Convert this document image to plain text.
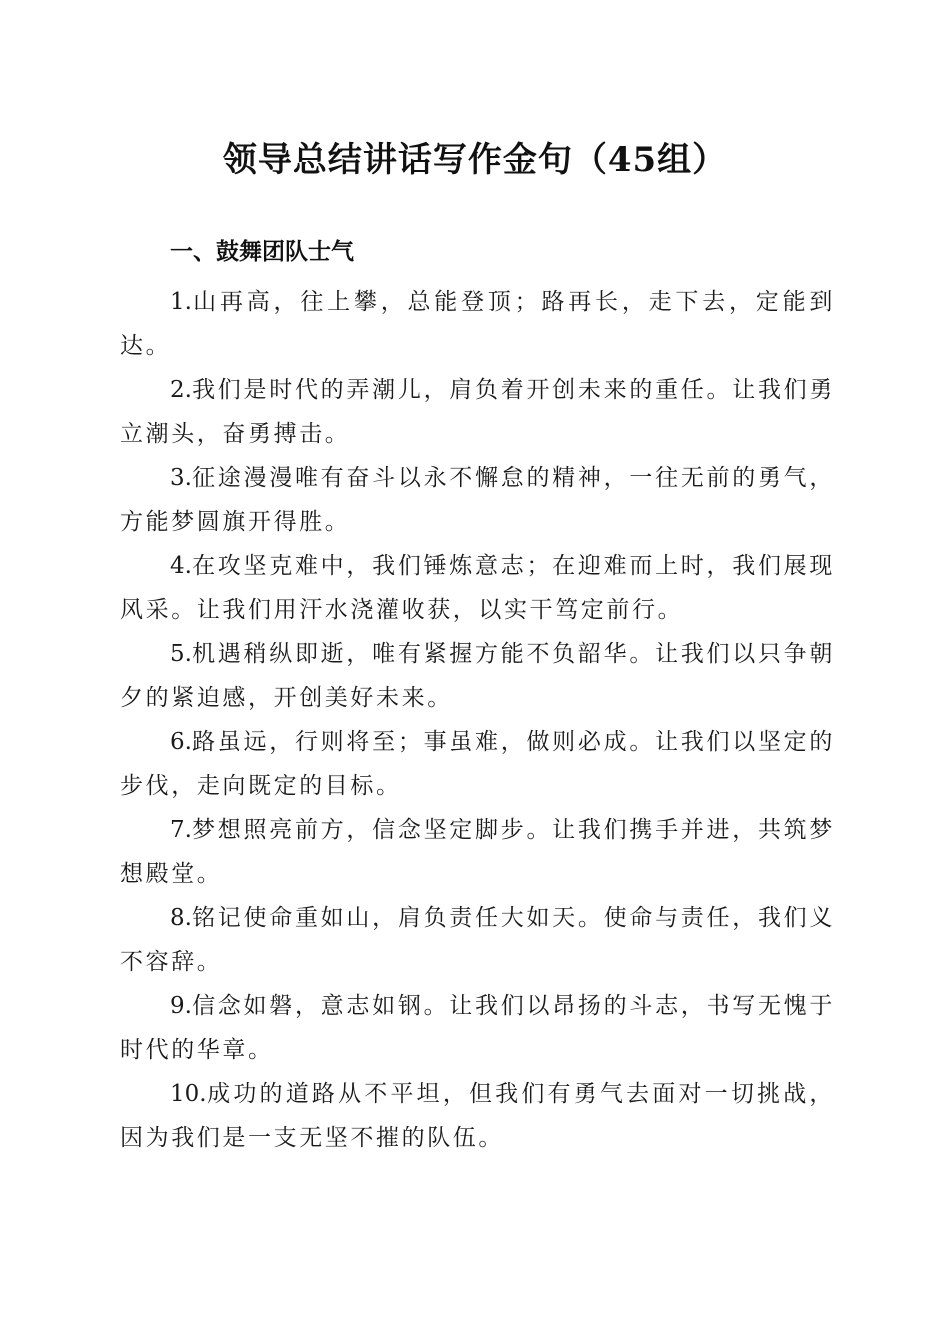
领导总结讲话写作金句（45组）
一、鼓舞团队士气
1.山再高，往上攀，总能登顶；路再长，走下去，定能到达。
2.我们是时代的弄潮儿，肩负着开创未来的重任。让我们勇立潮头，奋勇搏击。
3.征途漫漫唯有奋斗以永不懈怠的精神，一往无前的勇气，方能梦圆旗开得胜。
4.在攻坚克难中，我们锤炼意志；在迎难而上时，我们展现风采。让我们用汗水浇灌收获，以实干笃定前行。
5.机遇稍纵即逝，唯有紧握方能不负韶华。让我们以只争朝夕的紧迫感，开创美好未来。
6.路虽远，行则将至；事虽难，做则必成。让我们以坚定的步伐，走向既定的目标。
7.梦想照亮前方，信念坚定脚步。让我们携手并进，共筑梦想殿堂。
8.铭记使命重如山，肩负责任大如天。使命与责任，我们义不容辞。
9.信念如磐，意志如钢。让我们以昂扬的斗志，书写无愧于时代的华章。
10.成功的道路从不平坦，但我们有勇气去面对一切挑战，因为我们是一支无坚不摧的队伍。
